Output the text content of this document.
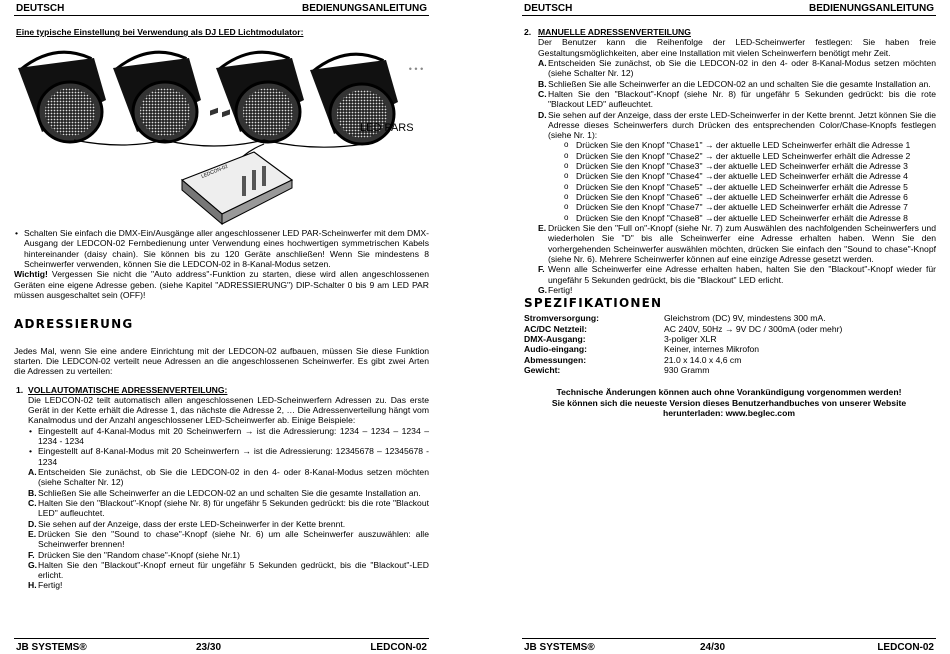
DEUTSCH	BEDIENUNGSANLEITUNG
Eine typische Einstellung bei Verwendung als DJ LED Lichtmodulator:
• • •
LED PARS
LEDCON-02

• Schalten Sie einfach die DMX-Ein/Ausgänge aller angeschlossener LED PAR-Scheinwerfer mit dem DMX-Ausgang der LEDCON-02 Fernbedienung unter Verwendung eines hochwertigen symmetrischen Kabels hintereinander (daisy chain). Sie können bis zu 120 Geräte anschließen! Wenn Sie mindestens 8 Scheinwerfer verwenden, können Sie die LEDCON-02 in 8-Kanal-Modus setzen.

Wichtig! Vergessen Sie nicht die "Auto address"-Funktion zu starten, diese wird allen angeschlossenen Geräten eine eigene Adresse geben. (siehe Kapitel "ADRESSIERUNG") DIP-Schalter 0 bis 9 am LED PAR müssen ausgeschaltet sein (OFF)!

ADRESSIERUNG

Jedes Mal, wenn Sie eine andere Einrichtung mit der LEDCON-02 aufbauen, müssen Sie diese Funktion starten. Die LEDCON-02 verteilt neue Adressen an die angeschlossenen Scheinwerfer. Es gibt zwei Arten die Adressen zu verteilen:

1. VOLLAUTOMATISCHE ADRESSENVERTEILUNG:

Die LEDCON-02 teilt automatisch allen angeschlossenen LED-Scheinwerfern Adressen zu. Das erste Gerät in der Kette erhält die Adresse 1, das nächste die Adresse 2, … Die Adressenverteilung hängt vom Kanalmodus und der Anzahl angeschlossener LED-Scheinwerfer ab. Einige Beispiele:

• Eingestellt auf 4-Kanal-Modus mit 20 Scheinwerfern → ist die Adressierung: 1234 – 1234 – 1234 – 1234 - 1234

• Eingestellt auf 8-Kanal-Modus mit 20 Scheinwerfern → ist die Adressierung: 12345678 – 12345678 - 1234

A. Entscheiden Sie zunächst, ob Sie die LEDCON-02 in den 4- oder 8-Kanal-Modus setzen möchten (siehe Schalter Nr. 12)

B. Schließen Sie alle Scheinwerfer an die LEDCON-02 an und schalten Sie die gesamte Installation an.

C. Halten Sie den "Blackout"-Knopf (siehe Nr. 8) für ungefähr 5 Sekunden gedrückt: bis die rote "Blackout LED" aufleuchtet.

D. Sie sehen auf der Anzeige, dass der erste LED-Scheinwerfer in der Kette brennt.

E. Drücken Sie den "Sound to chase"-Knopf (siehe Nr. 6) um alle Scheinwerfer auszuwählen: alle Scheinwerfer brennen!

F. Drücken Sie den "Random chase"-Knopf (siehe Nr.1)

G. Halten Sie den "Blackout"-Knopf erneut für ungefähr 5 Sekunden gedrückt, bis die "Blackout"-LED erlicht.

H. Fertig!

JB SYSTEMS®	23/30	LEDCON-02
DEUTSCH	BEDIENUNGSANLEITUNG
2. MANUELLE ADRESSENVERTEILUNG

Der Benutzer kann die Reihenfolge der LED-Scheinwerfer festlegen: Sie haben freie Gestaltungsmöglichkeiten, aber eine Installation mit vielen Scheinwerfern benötigt mehr Zeit.

A. Entscheiden Sie zunächst, ob Sie die LEDCON-02 in den 4- oder 8-Kanal-Modus setzen möchten (siehe Schalter Nr. 12)

B. Schließen Sie alle Scheinwerfer an die LEDCON-02 an und schalten Sie die gesamte Installation an.

C. Halten Sie den "Blackout"-Knopf (siehe Nr. 8) für ungefähr 5 Sekunden gedrückt: bis die rote "Blackout LED" aufleuchtet.

D. Sie sehen auf der Anzeige, dass der erste LED-Scheinwerfer in der Kette brennt. Jetzt können Sie die Adresse dieses Scheinwerfers durch Drücken des entsprechenden Color/Chase-Knopfs festlegen (siehe Nr. 1):

o Drücken Sie den Knopf "Chase1" → der aktuelle LED Scheinwerfer erhält die Adresse 1

o Drücken Sie den Knopf "Chase2" → der aktuelle LED Scheinwerfer erhält die Adresse 2

o Drücken Sie den Knopf "Chase3" →der aktuelle LED Scheinwerfer erhält die Adresse 3

o Drücken Sie den Knopf "Chase4" →der aktuelle LED Scheinwerfer erhält die Adresse 4

o Drücken Sie den Knopf "Chase5" →der aktuelle LED Scheinwerfer erhält die Adresse 5

o Drücken Sie den Knopf "Chase6" →der aktuelle LED Scheinwerfer erhält die Adresse 6

o Drücken Sie den Knopf "Chase7" →der aktuelle LED Scheinwerfer erhält die Adresse 7

o Drücken Sie den Knopf "Chase8" →der aktuelle LED Scheinwerfer erhält die Adresse 8

E. Drücken Sie den "Full on"-Knopf (siehe Nr. 7) zum Auswählen des nachfolgenden Scheinwerfers und wiederholen Sie "D" bis alle Scheinwerfer eine Adresse erhalten haben. Wenn Sie den vorhergehenden Scheinwerfer auswählen möchten, drücken Sie einfach den "Sound to chase"-Knopf (siehe Nr. 6). Mehrere Scheinwerfer können auf eine einzige Adresse gesetzt werden.

F. Wenn alle Scheinwerfer eine Adresse erhalten haben, halten Sie den "Blackout"-Knopf wieder für ungefähr 5 Sekunden gedrückt, bis die "Blackout" LED erlicht.

G. Fertig!

SPEZIFIKATIONEN
Stromversorgung:	Gleichstrom (DC) 9V, mindestens 300 mA.
AC/DC Netzteil:	AC 240V, 50Hz → 9V DC / 300mA (oder mehr)
DMX-Ausgang:	3-poliger XLR
Audio-eingang:	Keiner, internes Mikrofon
Abmessungen:	21.0 x 14.0 x 4,6 cm
Gewicht:	930 Gramm
Technische Änderungen können auch ohne Vorankündigung vorgenommen werden!
Sie können sich die neueste Version dieses Benutzerhandbuches von unserer Website
herunterladen: www.beglec.com
JB SYSTEMS®	24/30	LEDCON-02
